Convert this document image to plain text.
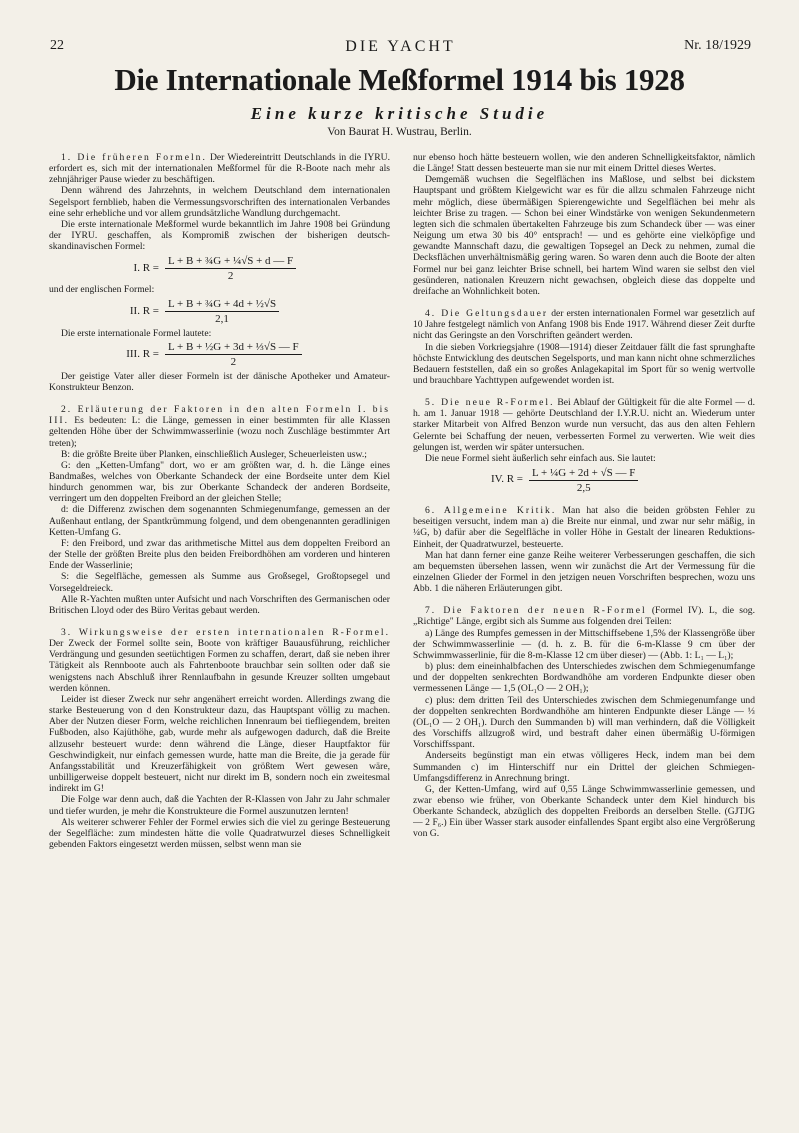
22	DIE YACHT	Nr. 18/1929
Die Internationale Meßformel 1914 bis 1928
Eine kurze kritische Studie
Von Baurat H. Wustrau, Berlin.

1. Die früheren Formeln. Der Wiedereintritt Deutschlands in die IYRU. erfordert es, sich mit der internationalen Meßformel für die R-Boote nach mehr als zehnjähriger Pause wieder zu beschäftigen.

Denn während des Jahrzehnts, in welchem Deutschland dem internationalen Segelsport fernblieb, haben die Vermessungsvorschriften des internationalen Verbandes eine sehr erhebliche und vor allem grundsätzliche Wandlung durchgemacht.

Die erste internationale Meßformel wurde bekanntlich im Jahre 1908 bei Gründung der IYRU. geschaffen, als Kompromiß zwischen der bisherigen deutsch-skandinavischen Formel:

I. $R = \frac{\text{L + B + ¾G + ¼√S + d — F}}{2}$

und der englischen Formel:

II. $R = \frac{\text{L + B + ¾G + 4d + ½√S}}{2,1}$

Die erste internationale Formel lautete:

III. $R = \frac{\text{L + B + ½G + 3d + ⅓√S — F}}{2}$

Der geistige Vater aller dieser Formeln ist der dänische Apotheker und Amateur-Konstrukteur Benzon.

2. Erläuterung der Faktoren in den alten Formeln I. bis III. Es bedeuten: L: die Länge, gemessen in einer bestimmten für alle Klassen geltenden Höhe über der Schwimmwasserlinie (wozu noch Zuschläge bestimmter Art treten);

B: die größte Breite über Planken, einschließlich Ausleger, Scheuerleisten usw.;

G: den „Ketten-Umfang" dort, wo er am größten war, d. h. die Länge eines Bandmaßes, welches von Oberkante Schandeck der eine Bordseite unter dem Kiel hindurch genommen war, bis zur Oberkante Schandeck der anderen Bordseite, verringert um den doppelten Freibord an der gleichen Stelle;

d: die Differenz zwischen dem sogenannten Schmiegenumfange, gemessen an der Außenhaut entlang, der Spantkrümmung folgend, und dem obengenannten geradlinigen Ketten-Umfang G.

F: den Freibord, und zwar das arithmetische Mittel aus dem doppelten Freibord an der Stelle der größten Breite plus den beiden Freibordhöhen am vorderen und hinteren Ende der Wasserlinie;

S: die Segelfläche, gemessen als Summe aus Großsegel, Großtopsegel und Vorsegeldreieck.

Alle R-Yachten mußten unter Aufsicht und nach Vorschriften des Germanischen oder Britischen Lloyd oder des Büro Veritas gebaut werden.

3. Wirkungsweise der ersten internationalen R-Formel. Der Zweck der Formel sollte sein, Boote von kräftiger Bauausführung, reichlicher Verdrängung und gesunden seetüchtigen Formen zu schaffen, derart, daß sie neben ihrer Tätigkeit als Rennboote auch als Fahrtenboote brauchbar sein sollten oder daß sie wenigstens nach Abschluß ihrer Rennlaufbahn in gesunde Kreuzer sollten umgebaut werden können.

Leider ist dieser Zweck nur sehr angenähert erreicht worden. Allerdings zwang die starke Besteuerung von d den Konstrukteur dazu, das Hauptspant völlig zu machen. Aber der Nutzen dieser Form, welche reichlichen Innenraum bei tiefliegendem, breiten Fußboden, also Kajüthöhe, gab, wurde mehr als aufgewogen dadurch, daß die Breite allzusehr besteuert wurde: denn während die Länge, dieser Hauptfaktor für Geschwindigkeit, nur einfach gemessen wurde, hatte man die Breite, die ja gerade für Anfangsstabilität und Kreuzerfähigkeit von größtem Wert gewesen wäre, unbilligerweise doppelt besteuert, nicht nur direkt im B, sondern noch ein zweitesmal indirekt im G!

Die Folge war denn auch, daß die Yachten der R-Klassen von Jahr zu Jahr schmaler und tiefer wurden, je mehr die Konstrukteure die Formel auszunutzen lernten!

Als weiterer schwerer Fehler der Formel erwies sich die viel zu geringe Besteuerung der Segelfläche: zum mindesten hätte die volle Quadratwurzel dieses Schnelligkeit gebenden Faktors eingesetzt werden müssen, selbst wenn man sie

nur ebenso hoch hätte besteuern wollen, wie den anderen Schnelligkeitsfaktor, nämlich die Länge! Statt dessen besteuerte man sie nur mit einem Drittel dieses Wertes.

Demgemäß wuchsen die Segelflächen ins Maßlose, und selbst bei dickstem Hauptspant und größtem Kielgewicht war es für die allzu schmalen Fahrzeuge nicht mehr möglich, diese übermäßigen Spierengewichte und Segelflächen bei mehr als leichter Brise zu tragen. — Schon bei einer Windstärke von wenigen Sekundenmetern legten sich die schmalen übertakelten Fahrzeuge bis zum Schandeck über — was einer Neigung um etwa 30 bis 40° entsprach! — und es gehörte eine vielköpfige und gewandte Mannschaft dazu, die gewaltigen Topsegel an Deck zu nehmen, zumal die Decksflächen unverhältnismäßig gering waren. So waren denn auch die Boote der alten Formel nur bei ganz leichter Brise schnell, bei hartem Wind waren sie selbst den viel gesünderen, nationalen Kreuzern nicht gewachsen, obgleich diese das doppelte und dreifache an Wohnlichkeit boten.

4. Die Geltungsdauer der ersten internationalen Formel war gesetzlich auf 10 Jahre festgelegt nämlich von Anfang 1908 bis Ende 1917. Während dieser Zeit durfte nicht das Geringste an den Vorschriften geändert werden.

In die sieben Vorkriegsjahre (1908—1914) dieser Zeitdauer fällt die fast sprunghafte höchste Entwicklung des deutschen Segelsports, und man kann nicht ohne schmerzliches Bedauern feststellen, daß ein so großes Anlagekapital im Sport für so wenig wertvolle und brauchbare Yachttypen aufgewendet worden ist.

5. Die neue R-Formel. Bei Ablauf der Gültigkeit für die alte Formel — d. h. am 1. Januar 1918 — gehörte Deutschland der I.Y.R.U. nicht an. Wiederum unter starker Mitarbeit von Alfred Benzon wurde nun versucht, das aus den alten Fehlern Gelernte bei Schaffung der neuen, verbesserten Formel zu verwerten. Wie weit dies gelungen ist, werden wir später untersuchen.

Die neue Formel sieht äußerlich sehr einfach aus. Sie lautet:

IV. $R = \frac{\text{L + ¼G + 2d + √S — F}}{2,5}$

6. Allgemeine Kritik. Man hat also die beiden gröbsten Fehler zu beseitigen versucht, indem man a) die Breite nur einmal, und zwar nur sehr mäßig, in ¼G, b) dafür aber die Segelfläche in voller Höhe in Gestalt der linearen Reduktions-Einheit, der Quadratwurzel, besteuerte.

Man hat dann ferner eine ganze Reihe weiterer Verbesserungen geschaffen, die sich am bequemsten übersehen lassen, wenn wir zunächst die Art der Vermessung für die einzelnen Glieder der Formel in den jetzigen neuen Vorschriften besprechen, wozu uns Abb. 1 die näheren Erläuterungen gibt.

7. Die Faktoren der neuen R-Formel (Formel IV). L, die sog. „Richtige" Länge, ergibt sich als Summe aus folgenden drei Teilen:

a) Länge des Rumpfes gemessen in der Mittschiffsebene 1,5% der Klassengröße über der Schwimmwasserlinie — (d. h. z. B. für die 6-m-Klasse 9 cm über der Schwimmwasserlinie, für die 8-m-Klasse 12 cm über dieser) — (Abb. 1: L₁ — L₁);

b) plus: dem eineinhalbfachen des Unterschiedes zwischen dem Schmiegenumfange und der doppelten senkrechten Bordwandhöhe am vorderen Endpunkte dieser oben vermessenen Länge — 1,5 (OL₁O — 2 OH₁);

c) plus: dem dritten Teil des Unterschiedes zwischen dem Schmiegenumfange und der doppelten senkrechten Bordwandhöhe am hinteren Endpunkte dieser Länge — ⅓ (OL₁O — 2 OH₁). Durch den Summanden b) will man verhindern, daß die Völligkeit des Vorschiffs allzugroß wird, und bestraft daher einen übermäßig U-förmigen Vorschiffsspant.

Anderseits begünstigt man ein etwas völligeres Heck, indem man bei dem Summanden c) im Hinterschiff nur ein Drittel der gleichen Schmiegen-Umfangsdifferenz in Anrechnung bringt.

G, der Ketten-Umfang, wird auf 0,55 Länge Schwimmwasserlinie gemessen, und zwar ebenso wie früher, von Oberkante Schandeck unter dem Kiel hindurch bis Oberkante Schandeck, abzüglich des doppelten Freibords an derselben Stelle. (GJTJG — 2 F₆.) Ein über Wasser stark ausoder einfallendes Spant ergibt also eine Vergrößerung von G.
